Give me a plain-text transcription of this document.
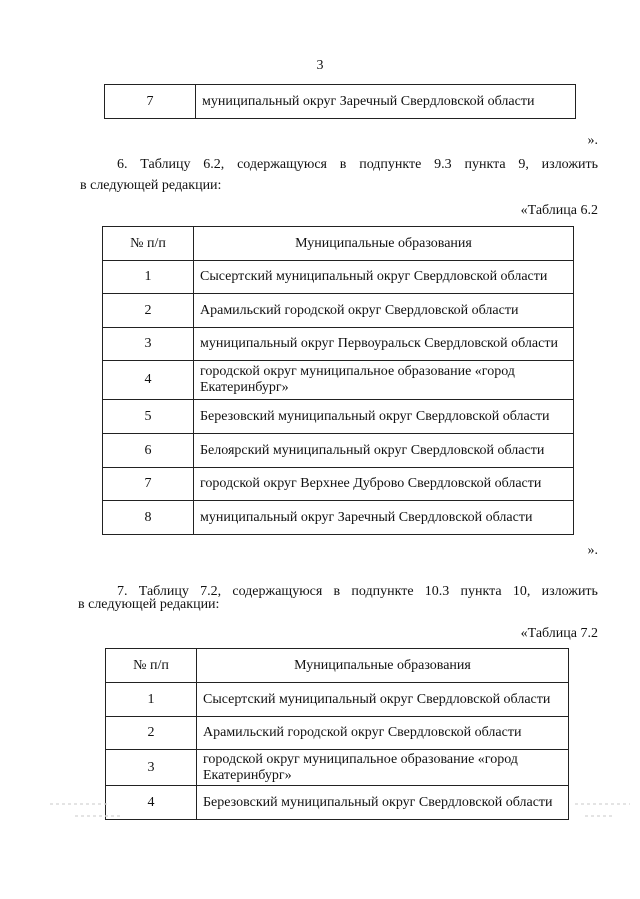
3
7	муниципальный округ Заречный Свердловской области
».
6. Таблицу 6.2, содержащуюся в подпункте 9.3 пункта 9, изложить
в следующей редакции:
«Таблица 6.2
№ п/п	Муниципальные образования
1	Сысертский муниципальный округ Свердловской области
2	Арамильский городской округ Свердловской области
3	муниципальный округ Первоуральск Свердловской области
4	городской округ муниципальное образование «город Екатеринбург»
5	Березовский муниципальный округ Свердловской области
6	Белоярский муниципальный округ Свердловской области
7	городской округ Верхнее Дуброво Свердловской области
8	муниципальный округ Заречный Свердловской области
».
7. Таблицу 7.2, содержащуюся в подпункте 10.3 пункта 10, изложить
в следующей редакции:
«Таблица 7.2
№ п/п	Муниципальные образования
1	Сысертский муниципальный округ Свердловской области
2	Арамильский городской округ Свердловской области
3	городской округ муниципальное образование «город Екатеринбург»
4	Березовский муниципальный округ Свердловской области
